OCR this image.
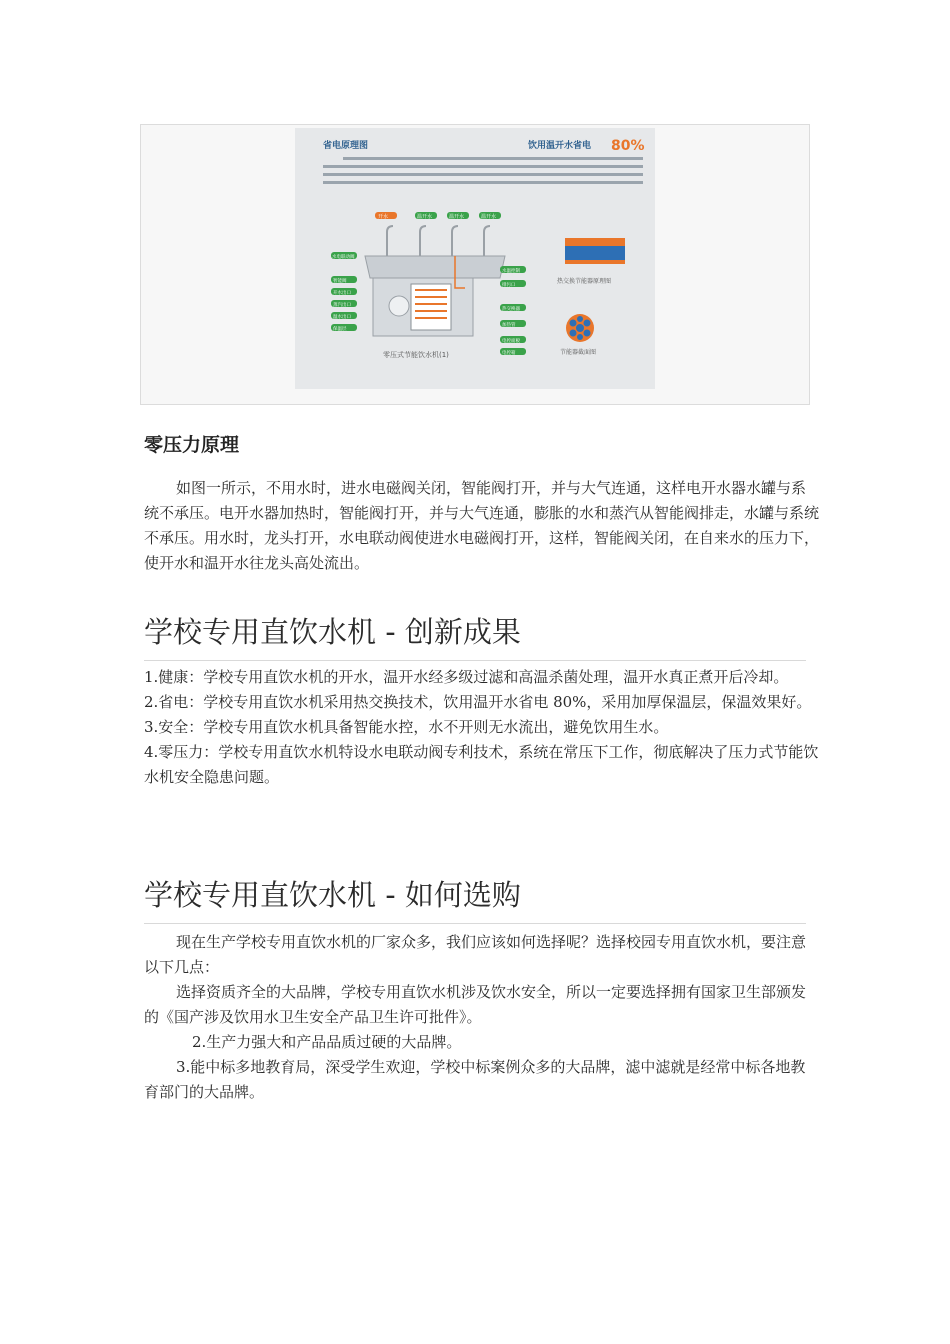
省电原理图	饮用温开水省电 80%
开水	温开水	温开水	温开水
水电联动阀
智能阀
开水出口
蒸汽出口
温水出口
保温层
水温控制
排污口
热交换器
加热管
电控面板
电控箱
零压式节能饮水机(1)
热交换节能器原理图
节能器截面图
零压力原理

如图一所示，不用水时，进水电磁阀关闭，智能阀打开，并与大气连通，这样电开水器水罐与系统不承压。电开水器加热时，智能阀打开，并与大气连通，膨胀的水和蒸汽从智能阀排走，水罐与系统不承压。用水时，龙头打开，水电联动阀使进水电磁阀打开，这样，智能阀关闭，在自来水的压力下，使开水和温开水往龙头高处流出。

学校专用直饮水机 - 创新成果
1.健康：学校专用直饮水机的开水，温开水经多级过滤和高温杀菌处理，温开水真正煮开后冷却。
2.省电：学校专用直饮水机采用热交换技术，饮用温开水省电 80%，采用加厚保温层，保温效果好。
3.安全：学校专用直饮水机具备智能水控，水不开则无水流出，避免饮用生水。
4.零压力：学校专用直饮水机特设水电联动阀专利技术，系统在常压下工作，彻底解决了压力式节能饮水机安全隐患问题。
学校专用直饮水机 - 如何选购

现在生产学校专用直饮水机的厂家众多，我们应该如何选择呢？选择校园专用直饮水机，要注意以下几点：

选择资质齐全的大品牌，学校专用直饮水机涉及饮水安全，所以一定要选择拥有国家卫生部颁发的《国产涉及饮用水卫生安全产品卫生许可批件》。

2.生产力强大和产品品质过硬的大品牌。

3.能中标多地教育局，深受学生欢迎，学校中标案例众多的大品牌，滤中滤就是经常中标各地教育部门的大品牌。
